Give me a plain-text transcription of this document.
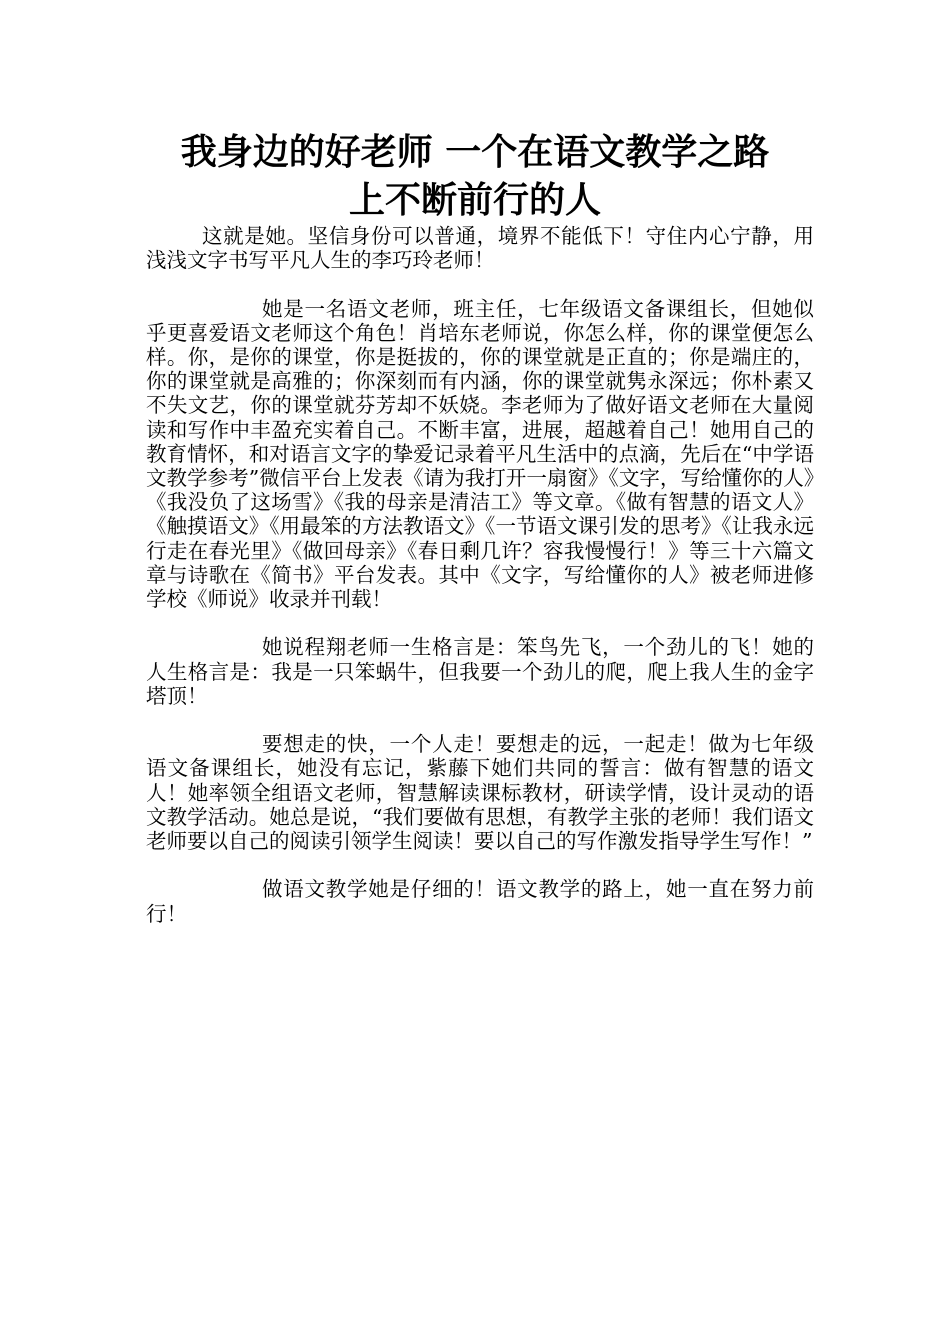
我身边的好老师 一个在语文教学之路
上不断前行的人

这就是她。坚信身份可以普通，境界不能低下！守住内心宁静，用浅浅文字书写平凡人生的李巧玲老师！

她是一名语文老师，班主任，七年级语文备课组长，但她似乎更喜爱语文老师这个角色！肖培东老师说，你怎么样，你的课堂便怎么样。你，是你的课堂，你是挺拔的，你的课堂就是正直的；你是端庄的，你的课堂就是高雅的；你深刻而有内涵，你的课堂就隽永深远；你朴素又不失文艺，你的课堂就芬芳却不妖娆。李老师为了做好语文老师在大量阅读和写作中丰盈充实着自己。不断丰富，进展，超越着自己！她用自己的教育情怀，和对语言文字的挚爱记录着平凡生活中的点滴，先后在“中学语文教学参考”微信平台上发表《请为我打开一扇窗》《文字，写给懂你的人》《我没负了这场雪》《我的母亲是清洁工》等文章。《做有智慧的语文人》《触摸语文》《用最笨的方法教语文》《一节语文课引发的思考》《让我永远行走在春光里》《做回母亲》《春日剩几许？容我慢慢行！》等三十六篇文章与诗歌在《简书》平台发表。其中《文字，写给懂你的人》被老师进修学校《师说》收录并刊载！

她说程翔老师一生格言是：笨鸟先飞，一个劲儿的飞！她的人生格言是：我是一只笨蜗牛，但我要一个劲儿的爬，爬上我人生的金字塔顶！

要想走的快，一个人走！要想走的远，一起走！做为七年级语文备课组长，她没有忘记，紫藤下她们共同的誓言：做有智慧的语文人！她率领全组语文老师，智慧解读课标教材，研读学情，设计灵动的语文教学活动。她总是说，“我们要做有思想，有教学主张的老师！我们语文老师要以自己的阅读引领学生阅读！要以自己的写作激发指导学生写作！”

做语文教学她是仔细的！语文教学的路上，她一直在努力前行！
